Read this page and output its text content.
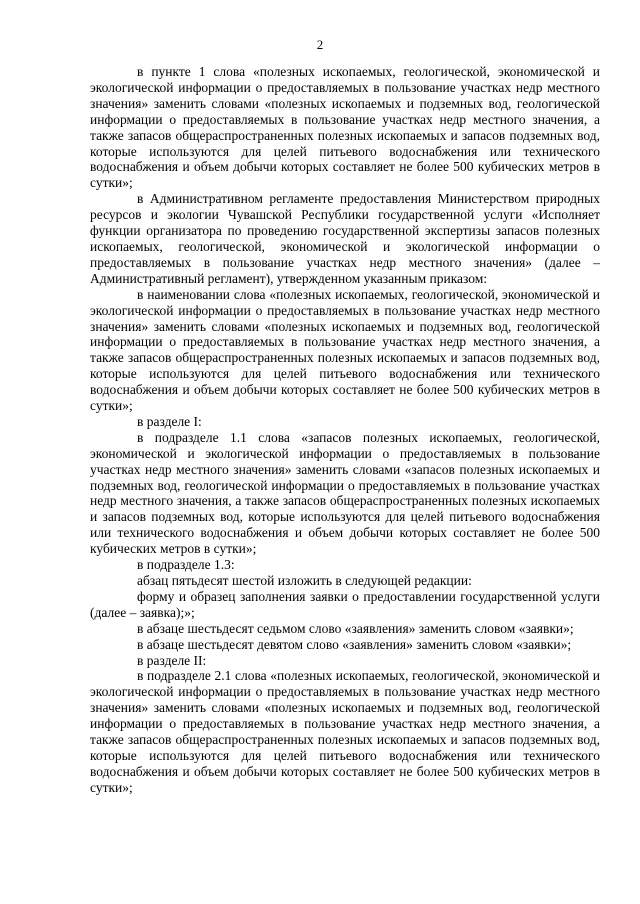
2

в пункте 1 слова «полезных ископаемых, геологической, экономической и экологической информации о предоставляемых в пользование участках недр местного значения» заменить словами «полезных ископаемых и подземных вод, геологической информации о предоставляемых в пользование участках недр местного значения, а также запасов общераспространенных полезных ископаемых и запасов подземных вод, которые используются для целей питьевого водоснабжения или технического водоснабжения и объем добычи которых составляет не более 500 кубических метров в сутки»;

в Административном регламенте предоставления Министерством природных ресурсов и экологии Чувашской Республики государственной услуги «Исполняет функции организатора по проведению государственной экспертизы запасов полезных ископаемых, геологической, экономической и экологической информации о предоставляемых в пользование участках недр местного значения» (далее – Административный регламент), утвержденном указанным приказом:

в наименовании слова «полезных ископаемых, геологической, экономической и экологической информации о предоставляемых в пользование участках недр местного значения» заменить словами «полезных ископаемых и подземных вод, геологической информации о предоставляемых в пользование участках недр местного значения, а также запасов общераспространенных полезных ископаемых и запасов подземных вод, которые используются для целей питьевого водоснабжения или технического водоснабжения и объем добычи которых составляет не более 500 кубических метров в сутки»;

в разделе I:

в подразделе 1.1 слова «запасов полезных ископаемых, геологической, экономической и экологической информации о предоставляемых в пользование участках недр местного значения» заменить словами «запасов полезных ископаемых и подземных вод, геологической информации о предоставляемых в пользование участках недр местного значения, а также запасов общераспространенных полезных ископаемых и запасов подземных вод, которые используются для целей питьевого водоснабжения или технического водоснабжения и объем добычи которых составляет не более 500 кубических метров в сутки»;

в подразделе 1.3:

абзац пятьдесят шестой изложить в следующей редакции:

форму и образец заполнения заявки о предоставлении государственной услуги (далее – заявка);»;

в абзаце шестьдесят седьмом слово «заявления» заменить словом «заявки»;

в абзаце шестьдесят девятом слово «заявления» заменить словом «заявки»;

в разделе II:

в подразделе 2.1 слова «полезных ископаемых, геологической, экономической и экологической информации о предоставляемых в пользование участках недр местного значения» заменить словами «полезных ископаемых и подземных вод, геологической информации о предоставляемых в пользование участках недр местного значения, а также запасов общераспространенных полезных ископаемых и запасов подземных вод, которые используются для целей питьевого водоснабжения или технического водоснабжения и объем добычи которых составляет не более 500 кубических метров в сутки»;
